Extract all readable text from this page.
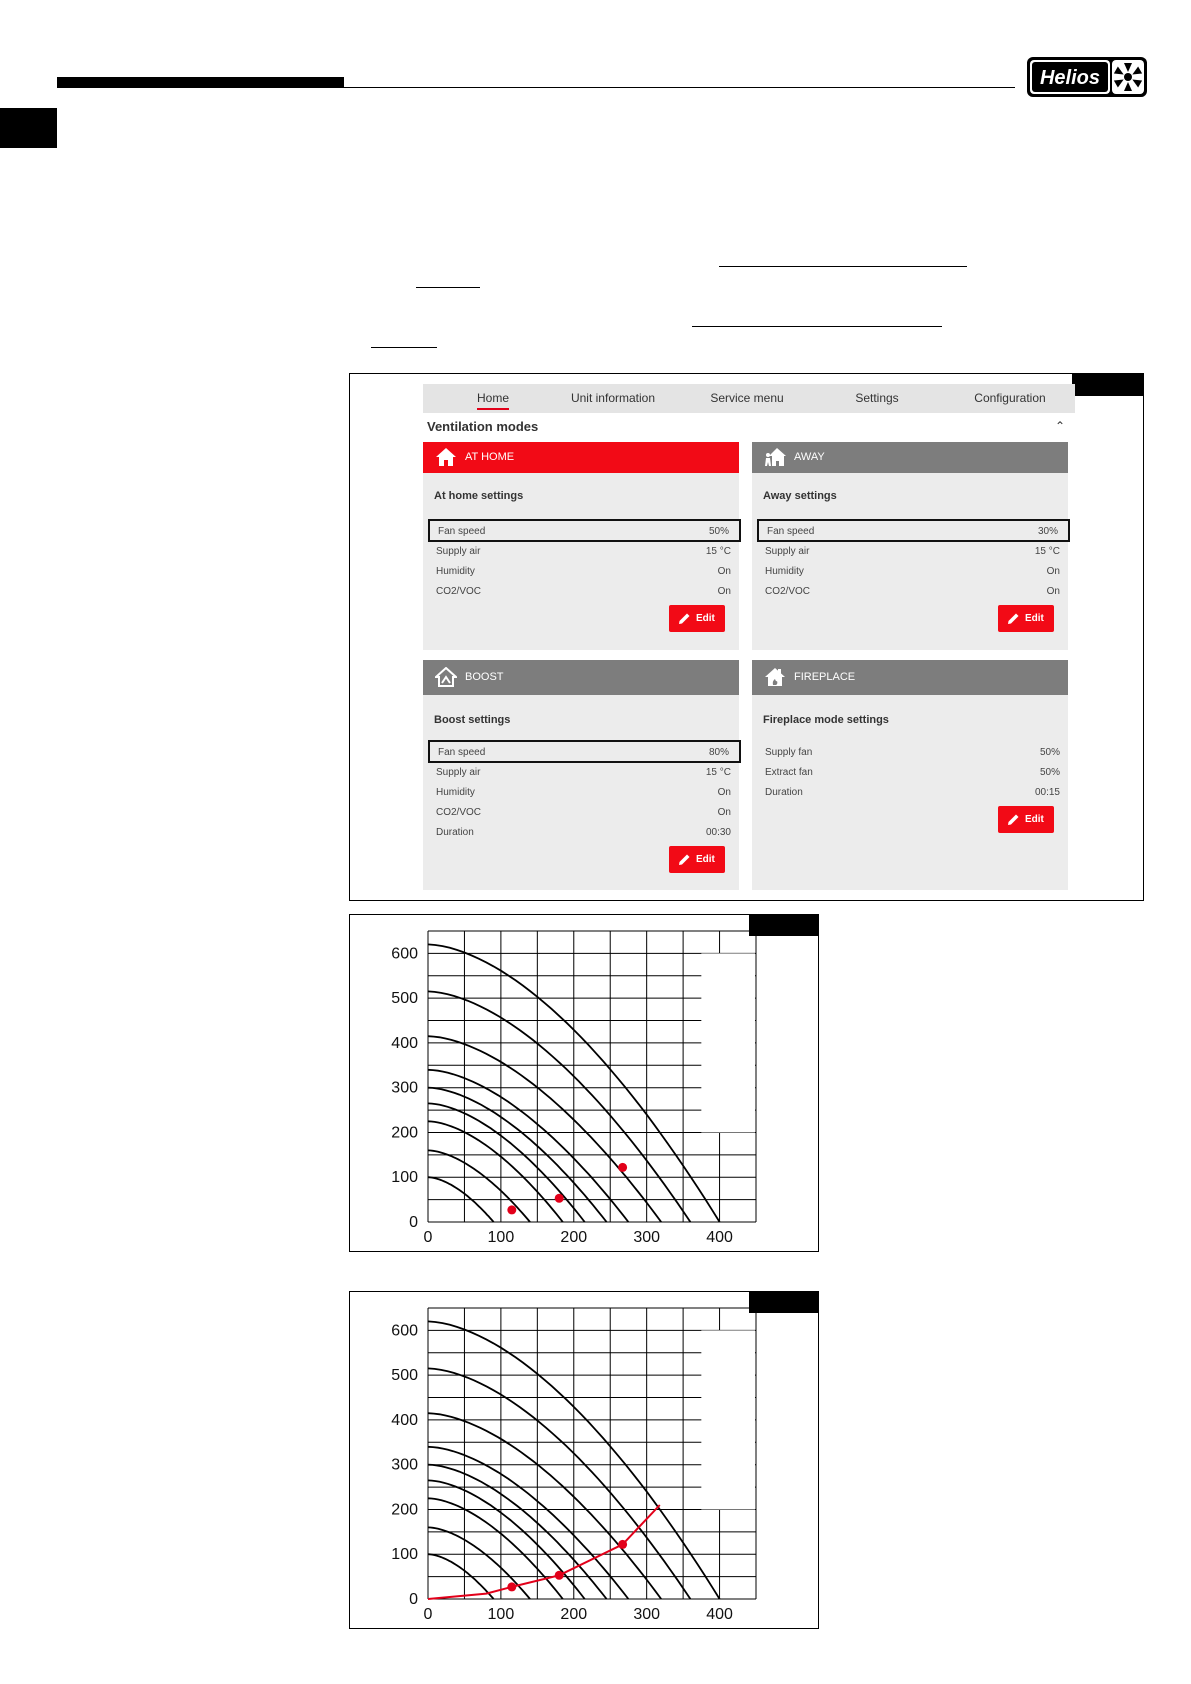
Helios
Home	Unit information	Service menu	Settings	Configuration
Ventilation modes	⌃
AT HOME
At home settings
Fan speed	50%
Supply air	15 °C
Humidity	On
CO2/VOC	On
Edit
AWAY
Away settings
Fan speed	30%
Supply air	15 °C
Humidity	On
CO2/VOC	On
Edit
BOOST
Boost settings
Fan speed	80%
Supply air	15 °C
Humidity	On
CO2/VOC	On
Duration	00:30
Edit
FIREPLACE
Fireplace mode settings
Supply fan	50%
Extract fan	50%
Duration	00:15
Edit
0	100	200	300	400
0
100
200
300
400
500
600
0	100	200	300	400
0
100
200
300
400
500
600
